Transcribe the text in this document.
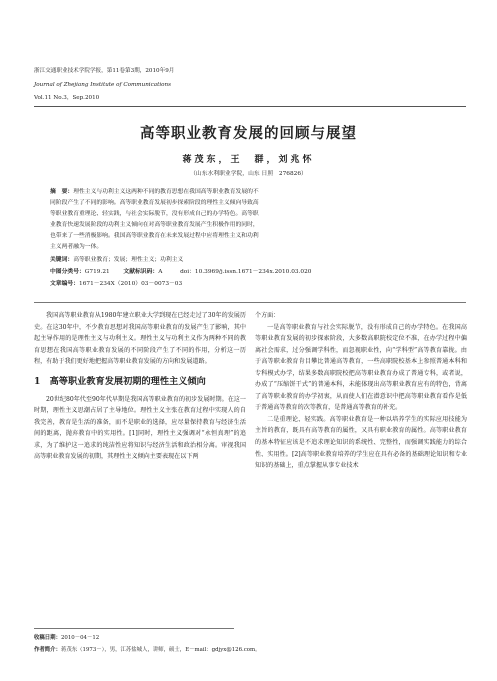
浙江交通职业技术学院学报，第11卷第3期，2010年9月
Journal of Zhejiang Institute of Communications
Vol.11 No.3，Sep.2010
高等职业教育发展的回顾与展望
蒋茂东，王　群，刘兆怀
（山东水利职业学院，山东 日照　276826）
摘　要：理性主义与功利主义这两种不同的教育思想在我国高等职业教育发展的不
同阶段产生了不同的影响。高等职业教育发展初步探索阶段的理性主义倾向导致高
等职业教育重理论、轻实践，与社会实际脱节，没有形成自己的办学特色。高等职
业教育快速发展阶段的功利主义倾向在对高等职业教育发展产生积极作用的同时，
也带来了一些消极影响。我国高等职业教育在未来发展过程中应将理性主义和功利
主义两者融为一体。
关键词：高等职业教育；发展；理性主义；功利主义
中图分类号：G719.21 文献标识码：A	doi：10.3969/j.issn.1671－234x.2010.03.020
文章编号：1671－234X（2010）03－0073－03

我国高等职业教育从1980年建立职业大学到现在已经走过了30年的发展历史。在这30年中，不少教育思想对我国高等职业教育的发展产生了影响，其中起主导作用的是理性主义与功利主义。理性主义与功利主义作为两种不同的教育思想在我国高等职业教育发展的不同阶段产生了不同的作用，分析这一历程，有助于我们更好地把握高等职业教育发展的方向和发展道路。

1　高等职业教育发展初期的理性主义倾向

20世纪80年代至90年代早期是我国高等职业教育的初步发展时期。在这一时期，理性主义思潮占居了主导地位。理性主义主张在教育过程中实现人的自我完善，教育是生活的准备，而不是职业的选择，应尽量保持教育与经济生活间的距离，抛弃教育中的实用性。[1]同时，理性主义强调对“永恒真理”的追求，为了维护这一追求的纯洁性应将知识与经济生活和政治相分离。审视我国高等职业教育发展的初期，其理性主义倾向主要表现在以下两

个方面：

一是高等职业教育与社会实际脱节，没有形成自己的办学特色。在我国高等职业教育发展的初步探索阶段，大多数高职院校定位不准，在办学过程中偏离社会需求，过分强调学科性，而忽视职业性，向“学科型”高等教育靠拢。由于高等职业教育肯目攀比普通高等教育，一些高职院校基本上参照普通本科和专科模式办学，结果多数高职院校把高等职业教育办成了普通专科，或者说，办成了“压缩饼干式”的普通本科，未能体现出高等职业教育应有的特色，背离了高等职业教育的办学初衷，从而使人们在潜意识中把高等职业教育看作是低于普通高等教育的次等教育，是普通高等教育的补充。

二是重理论、轻实践。高等职业教育是一种以培养学生的实际应用技能为主旨的教育，既具有高等教育的属性，又具有职业教育的属性。高等职业教育的基本特征应该是不追求理论知识的系统性、完整性，而强调实践能力的综合性、实用性。[2]高等职业教育培养的学生应在具有必备的基础理论知识和专业知识的基础上，重点掌握从事专业技术

收稿日期：2010－04－12
作者简介：蒋茂东（1973－），男，江苏盐城人，讲师，硕士，E－mail：gdjyx@126.com。
